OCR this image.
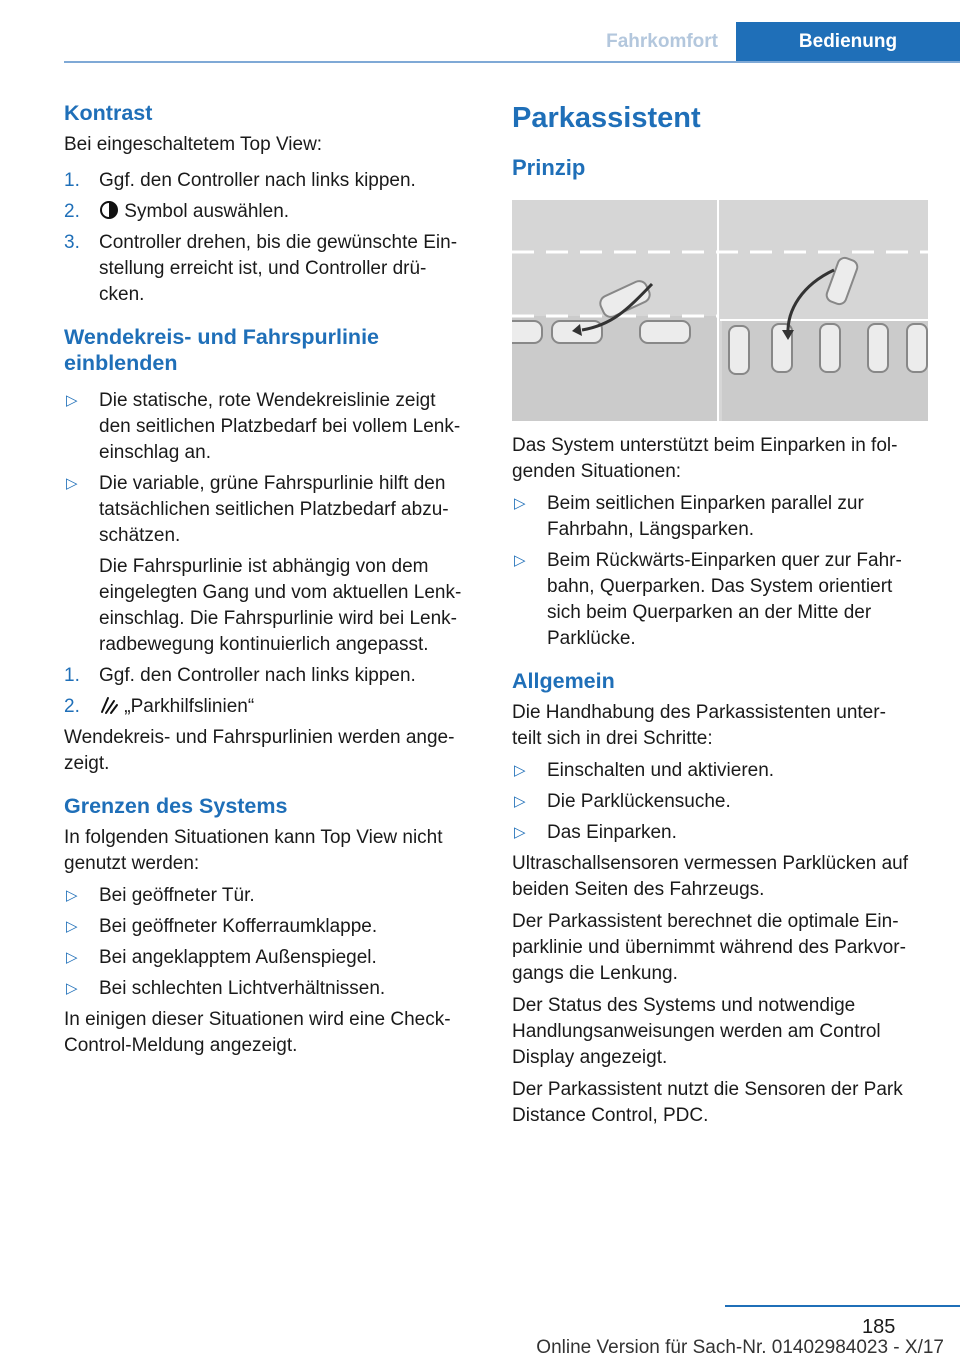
Fahrkomfort	Bedienung
Kontrast
Bei eingeschaltetem Top View:
1. Ggf. den Controller nach links kippen.
2. Symbol auswählen.
3. Controller drehen, bis die gewünschte Ein-
stellung erreicht ist, und Controller drü-
cken.
Wendekreis- und Fahrspurlinie
einblenden
▷ Die statische, rote Wendekreislinie zeigt
den seitlichen Platzbedarf bei vollem Lenk-
einschlag an.
▷ Die variable, grüne Fahrspurlinie hilft den
tatsächlichen seitlichen Platzbedarf abzu-
schätzen.
Die Fahrspurlinie ist abhängig von dem
eingelegten Gang und vom aktuellen Lenk-
einschlag. Die Fahrspurlinie wird bei Lenk-
radbewegung kontinuierlich angepasst.
1. Ggf. den Controller nach links kippen.
2. „Parkhilfslinien“
Wendekreis- und Fahrspurlinien werden ange-
zeigt.
Grenzen des Systems
In folgenden Situationen kann Top View nicht
genutzt werden:
▷ Bei geöffneter Tür.
▷ Bei geöffneter Kofferraumklappe.
▷ Bei angeklapptem Außenspiegel.
▷ Bei schlechten Lichtverhältnissen.
In einigen dieser Situationen wird eine Check-
Control-Meldung angezeigt.
Parkassistent
Prinzip
Das System unterstützt beim Einparken in fol-
genden Situationen:
▷ Beim seitlichen Einparken parallel zur
Fahrbahn, Längsparken.
▷ Beim Rückwärts-Einparken quer zur Fahr-
bahn, Querparken. Das System orientiert
sich beim Querparken an der Mitte der
Parklücke.
Allgemein
Die Handhabung des Parkassistenten unter-
teilt sich in drei Schritte:
▷ Einschalten und aktivieren.
▷ Die Parklückensuche.
▷ Das Einparken.
Ultraschallsensoren vermessen Parklücken auf
beiden Seiten des Fahrzeugs.
Der Parkassistent berechnet die optimale Ein-
parklinie und übernimmt während des Parkvor-
gangs die Lenkung.
Der Status des Systems und notwendige
Handlungsanweisungen werden am Control
Display angezeigt.
Der Parkassistent nutzt die Sensoren der Park
Distance Control, PDC.
185
Online Version für Sach-Nr. 01402984023 - X/17
